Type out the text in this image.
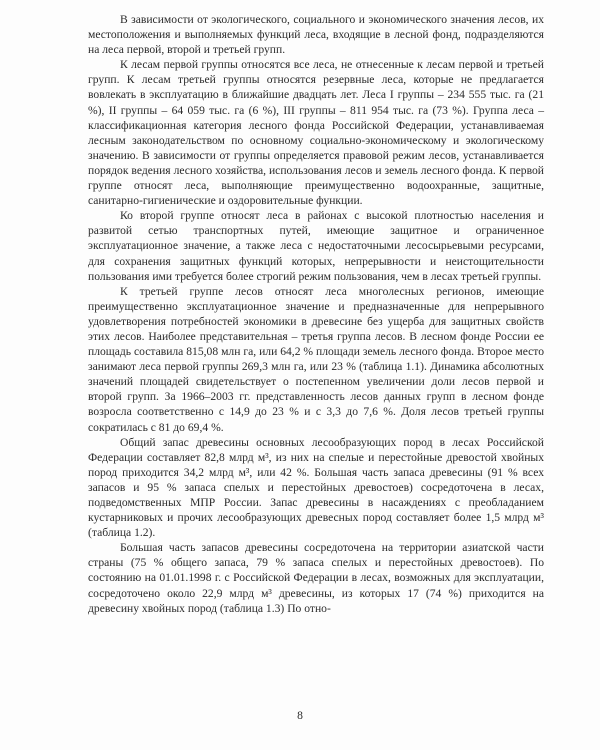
В зависимости от экологического, социального и экономического значения лесов, их местоположения и выполняемых функций леса, входящие в лесной фонд, подразделяются на леса первой, второй и третьей групп.

К лесам первой группы относятся все леса, не отнесенные к лесам первой и третьей групп. К лесам третьей группы относятся резервные леса, которые не предлагается вовлекать в эксплуатацию в ближайшие двадцать лет. Леса I группы – 234 555 тыс. га (21 %), II группы – 64 059 тыс. га (6 %), III группы – 811 954 тыс. га (73 %). Группа леса – классификационная категория лесного фонда Российской Федерации, устанавливаемая лесным законодательством по основному социально-экономическому и экологическому значению. В зависимости от группы определяется правовой режим лесов, устанавливается порядок ведения лесного хозяйства, использования лесов и земель лесного фонда. К первой группе относят леса, выполняющие преимущественно водоохранные, защитные, санитарно-гигиенические и оздоровительные функции.

Ко второй группе относят леса в районах с высокой плотностью населения и развитой сетью транспортных путей, имеющие защитное и ограниченное эксплуатационное значение, а также леса с недостаточными лесосырьевыми ресурсами, для сохранения защитных функций которых, непрерывности и неистощительности пользования ими требуется более строгий режим пользования, чем в лесах третьей группы.

К третьей группе лесов относят леса многолесных регионов, имеющие преимущественно эксплуатационное значение и предназначенные для непрерывного удовлетворения потребностей экономики в древесине без ущерба для защитных свойств этих лесов. Наиболее представительная – третья группа лесов. В лесном фонде России ее площадь составила 815,08 млн га, или 64,2 % площади земель лесного фонда. Второе место занимают леса первой группы 269,3 млн га, или 23 % (таблица 1.1). Динамика абсолютных значений площадей свидетельствует о постепенном увеличении доли лесов первой и второй групп. За 1966–2003 гг. представленность лесов данных групп в лесном фонде возросла соответственно с 14,9 до 23 % и с 3,3 до 7,6 %. Доля лесов третьей группы сократилась с 81 до 69,4 %.

Общий запас древесины основных лесообразующих пород в лесах Российской Федерации составляет 82,8 млрд м³, из них на спелые и перестойные древостой хвойных пород приходится 34,2 млрд м³, или 42 %. Большая часть запаса древесины (91 % всех запасов и 95 % запаса спелых и перестойных древостоев) сосредоточена в лесах, подведомственных МПР России. Запас древесины в насаждениях с преобладанием кустарниковых и прочих лесообразующих древесных пород составляет более 1,5 млрд м³ (таблица 1.2).

Большая часть запасов древесины сосредоточена на территории азиатской части страны (75 % общего запаса, 79 % запаса спелых и перестойных древостоев). По состоянию на 01.01.1998 г. с Российской Федерации в лесах, возможных для эксплуатации, сосредоточено около 22,9 млрд м³ древесины, из которых 17 (74 %) приходится на древесину хвойных пород (таблица 1.3) По отно-

8
